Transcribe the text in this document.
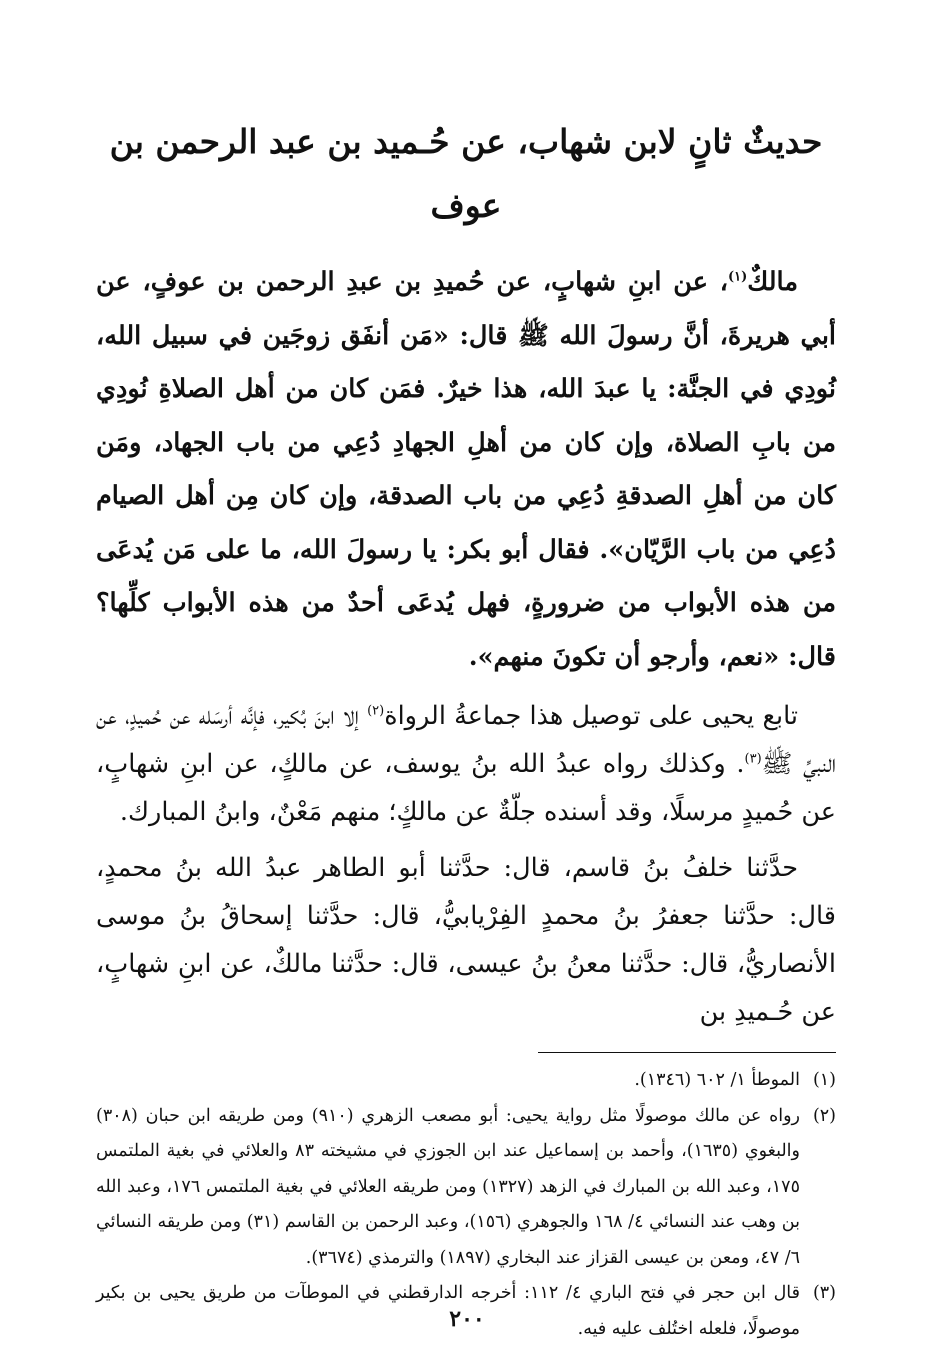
حديثٌ ثانٍ لابن شهاب، عن حُـميد بن عبد الرحمن بن عوف

مالكٌ$^{(١)}$، عن ابنِ شهابٍ، عن حُميدِ بن عبدِ الرحمن بن عوفٍ، عن أبي هريرةَ، أنَّ رسولَ الله ﷺ قال: «مَن أنفَق زوجَين في سبيل الله، نُودِي في الجنَّة: يا عبدَ الله، هذا خيرٌ. فمَن كان من أهل الصلاةِ نُودِي من بابِ الصلاة، وإن كان من أهلِ الجهادِ دُعِي من باب الجهاد، ومَن كان من أهلِ الصدقةِ دُعِي من باب الصدقة، وإن كان مِن أهل الصيام دُعِي من باب الرَّيّان». فقال أبو بكر: يا رسولَ الله، ما على مَن يُدعَى من هذه الأبواب من ضرورةٍ، فهل يُدعَى أحدٌ من هذه الأبواب كلِّها؟ قال: «نعم، وأرجو أن تكونَ منهم».

تابع يحيى على توصيل هذا جماعةُ الرواة$^{(٢)}$ إلا ابنَ بُكير، فإنَّه أرسَله عن حُميدٍ، عن النبيِّ ﷺ$^{(٣)}$. وكذلك رواه عبدُ الله بنُ يوسف، عن مالكٍ، عن ابنِ شهابٍ، عن حُميدٍ مرسلًا، وقد أسنده جلّةٌ عن مالكٍ؛ منهم مَعْنٌ، وابنُ المبارك.

حدَّثنا خلفُ بنُ قاسم، قال: حدَّثنا أبو الطاهر عبدُ الله بنُ محمدٍ، قال: حدَّثنا جعفرُ بنُ محمدٍ الفِرْيابيُّ، قال: حدَّثنا إسحاقُ بنُ موسى الأنصاريُّ، قال: حدَّثنا معنُ بنُ عيسى، قال: حدَّثنا مالكٌ، عن ابنِ شهابٍ، عن حُـميدِ بن

(١)
الموطأ ١/ ٦٠٢ (١٣٤٦).
(٢)
رواه عن مالك موصولًا مثل رواية يحيى: أبو مصعب الزهري (٩١٠) ومن طريقه ابن حبان (٣٠٨) والبغوي (١٦٣٥)، وأحمد بن إسماعيل عند ابن الجوزي في مشيخته ٨٣ والعلائي في بغية الملتمس ١٧٥، وعبد الله بن المبارك في الزهد (١٣٢٧) ومن طريقه العلائي في بغية الملتمس ١٧٦، وعبد الله بن وهب عند النسائي ٤/ ١٦٨ والجوهري (١٥٦)، وعبد الرحمن بن القاسم (٣١) ومن طريقه النسائي ٦/ ٤٧، ومعن بن عيسى القزاز عند البخاري (١٨٩٧) والترمذي (٣٦٧٤).
(٣)
قال ابن حجر في فتح الباري ٤/ ١١٢: أخرجه الدارقطني في الموطآت من طريق يحيى بن بكير موصولًا، فلعله اختُلف عليه فيه.
٢٠٠
